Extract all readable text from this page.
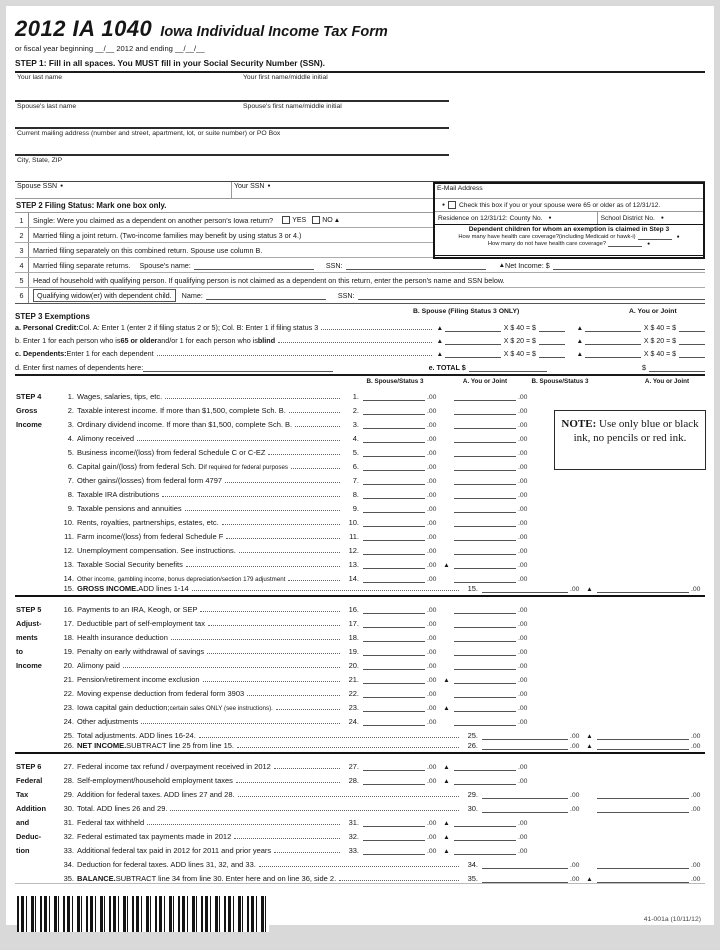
2012 IA 1040 Iowa Individual Income Tax Form
or fiscal year beginning __/__ 2012 and ending __/__/__
STEP 1: Fill in all spaces. You MUST fill in your Social Security Number (SSN).
Your last name	Your first name/middle initial
Spouse's last name	Spouse's first name/middle initial
Current mailing address (number and street, apartment, lot, or suite number) or PO Box
City, State, ZIP
Spouse SSN ●	Your SSN ●
STEP 2 Filing Status: Mark one box only.
1	Single: Were you claimed as a dependent on another person's Iowa return?	YES NO ▲
2	Married filing a joint return. (Two-income families may benefit by using status 3 or 4.)
3	Married filing separately on this combined return. Spouse use column B.
E-Mail Address
● Check this box if you or your spouse were 65 or older as of 12/31/12.
Residence on 12/31/12: County No. ●	School District No. ●
Dependent children for whom an exemption is claimed in Step 3
How many have health care coverage?(including Medicaid or hawk-i)	●
How many do not have health care coverage?	●
4	Married filing separate returns. Spouse's name:	SSN:	▲ Net Income: $
5	Head of household with qualifying person. If qualifying person is not claimed as a dependent on this return, enter the person's name and SSN below.
6	Qualifying widow(er) with dependent child.	Name:	SSN:
STEP 3 Exemptions
B. Spouse (Filing Status 3 ONLY)	A. You or Joint
a. Personal Credit: Col. A: Enter 1 (enter 2 if filing status 2 or 5); Col. B: Enter 1 if filing status 3	▲	X $ 40 = $	▲	X $ 40 = $
b. Enter 1 for each person who is 65 or older and/or 1 for each person who is blind	▲	X $ 20 = $	▲	X $ 20 = $
c. Dependents: Enter 1 for each dependent	▲	X $ 40 = $	▲	X $ 40 = $
d. Enter first names of dependents here:	e. TOTAL $	$
B. Spouse/Status 3	A. You or Joint	B. Spouse/Status 3	A. You or Joint
STEP 4	1. Wages, salaries, tips, etc.	1.	.00	.00
Gross	2. Taxable interest income. If more than $1,500, complete Sch. B.	2.	.00	.00
Income	3. Ordinary dividend income. If more than $1,500, complete Sch. B.	3.	.00	.00
4. Alimony received	4.	.00	.00
5. Business income/(loss) from federal Schedule C or C-EZ	5.	.00	.00
6. Capital gain/(loss) from federal Sch. D if required for federal purposes	6.	.00	.00
7. Other gains/(losses) from federal form 4797	7.	.00	.00
8. Taxable IRA distributions	8.	.00	.00
9. Taxable pensions and annuities	9.	.00	.00
10. Rents, royalties, partnerships, estates, etc.	10.	.00	.00
11. Farm income/(loss) from federal Schedule F	11.	.00	.00
12. Unemployment compensation. See instructions.	12.	.00	.00
13. Taxable Social Security benefits	13.	.00	▲	.00
14. Other income, gambling income, bonus depreciation/section 179 adjustment	14.	.00	.00
15. GROSS INCOME. ADD lines 1-14	15.	.00	▲	.00
STEP 5	16. Payments to an IRA, Keogh, or SEP	16.	.00	.00
Adjust-	17. Deductible part of self-employment tax	17.	.00	.00
ments	18. Health insurance deduction	18.	.00	.00
to	19. Penalty on early withdrawal of savings	19.	.00	.00
Income	20. Alimony paid	20.	.00	.00
21. Pension/retirement income exclusion	21.	.00	▲	.00
22. Moving expense deduction from federal form 3903	22.	.00	.00
23. Iowa capital gain deduction; certain sales ONLY (see instructions).	23.	.00	▲	.00
24. Other adjustments	24.	.00	.00
25. Total adjustments. ADD lines 16-24.	25.	.00	▲	.00
26. NET INCOME. SUBTRACT line 25 from line 15.	26.	.00	▲	.00
STEP 6	27. Federal income tax refund / overpayment received in 2012	27.	.00	▲	.00
Federal	28. Self-employment/household employment taxes	28.	.00	▲	.00
Tax	29. Addition for federal taxes. ADD lines 27 and 28.	29.	.00	.00
Addition	30. Total. ADD lines 26 and 29.	30.	.00	.00
and	31. Federal tax withheld	31.	.00	▲	.00
Deduc-	32. Federal estimated tax payments made in 2012	32.	.00	▲	.00
tion	33. Additional federal tax paid in 2012 for 2011 and prior years	33.	.00	▲	.00
34. Deduction for federal taxes. ADD lines 31, 32, and 33.	34.	.00	.00
35. BALANCE. SUBTRACT line 34 from line 30. Enter here and on line 36, side 2.	35.	.00	▲	.00
NOTE: Use only blue or black ink, no pencils or red ink.
41-001a (10/11/12)
